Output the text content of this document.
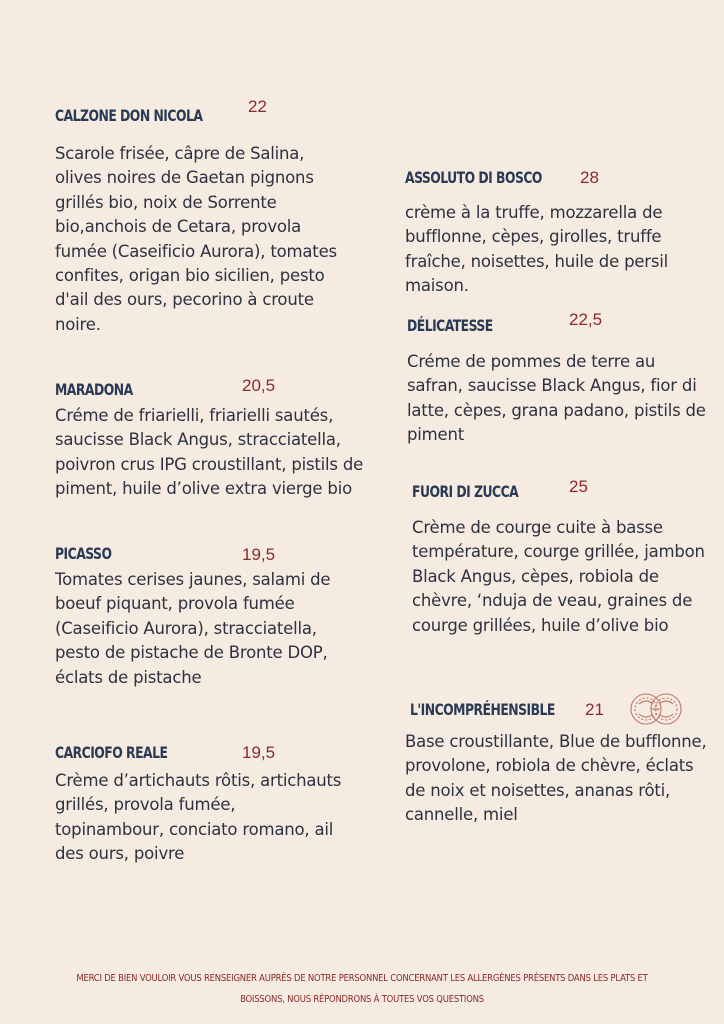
CALZONE DON NICOLA	22
Scarole frisée, câpre de Salina, olives noires de Gaetan pignons grillés bio, noix de Sorrente bio,anchois de Cetara, provola fumée (Caseificio Aurora), tomates confites, origan bio sicilien, pesto d'ail des ours, pecorino à croute noire.
MARADONA	20,5
Créme de friarielli, friarielli sautés, saucisse Black Angus, stracciatella, poivron crus IPG croustillant, pistils de piment, huile d’olive extra vierge bio
PICASSO	19,5
Tomates cerises jaunes, salami de boeuf piquant, provola fumée (Caseificio Aurora), stracciatella, pesto de pistache de Bronte DOP, éclats de pistache
CARCIOFO REALE	19,5
Crème d’artichauts rôtis, artichauts grillés, provola fumée, topinambour, conciato romano, ail des ours, poivre
ASSOLUTO DI BOSCO 28
crème à la truffe, mozzarella de bufflonne, cèpes, girolles, truffe fraîche, noisettes, huile de persil maison.
DÉLICATESSE	22,5
Créme de pommes de terre au safran, saucisse Black Angus, fior di latte, cèpes, grana padano, pistils de piment
FUORI DI ZUCCA	25
Crème de courge cuite à basse température, courge grillée, jambon Black Angus, cèpes, robiola de chèvre, ‘nduja de veau, graines de courge grillées, huile d’olive bio
L'INCOMPRÉHENSIBLE 21
Base croustillante, Blue de bufflonne, provolone, robiola de chèvre, éclats de noix et noisettes, ananas rôti, cannelle, miel
MERCI DE BIEN VOULOIR VOUS RENSEIGNER AUPRÈS DE NOTRE PERSONNEL CONCERNANT LES ALLERGÈNES PRÉSENTS DANS LES PLATS ET BOISSONS, NOUS RÉPONDRONS À TOUTES VOS QUESTIONS
